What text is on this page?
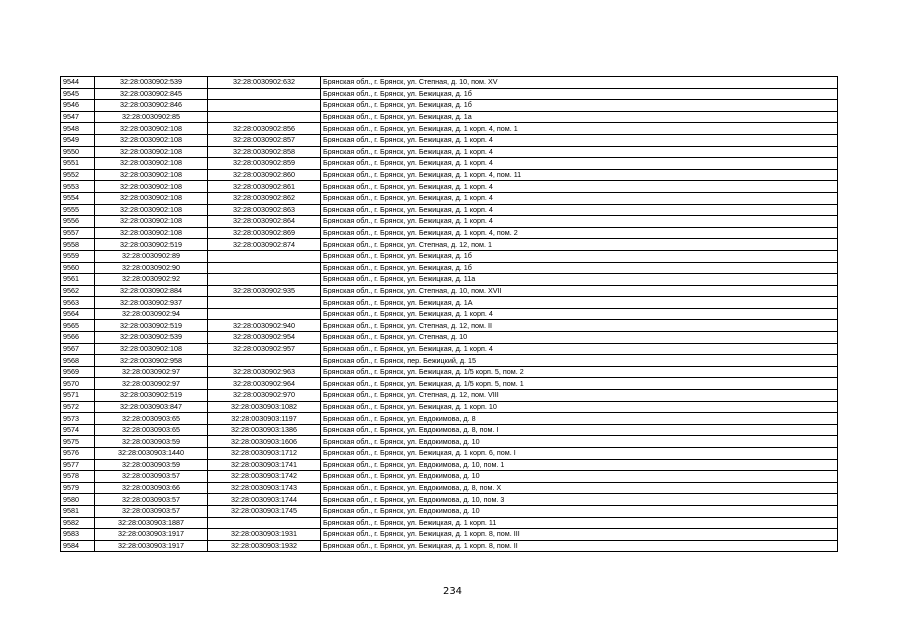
9544	32:28:0030902:539	32:28:0030902:632	Брянская обл., г. Брянск, ул. Степная, д. 10, пом. XV
9545	32:28:0030902:845		Брянская обл., г. Брянск, ул. Бежицкая, д. 1б
9546	32:28:0030902:846		Брянская обл., г. Брянск, ул. Бежицкая, д. 1б
9547	32:28:0030902:85		Брянская обл., г. Брянск, ул. Бежицкая, д. 1а
9548	32:28:0030902:108	32:28:0030902:856	Брянская обл., г. Брянск, ул. Бежицкая, д. 1 корп. 4, пом. 1
9549	32:28:0030902:108	32:28:0030902:857	Брянская обл., г. Брянск, ул. Бежицкая, д. 1 корп. 4
9550	32:28:0030902:108	32:28:0030902:858	Брянская обл., г. Брянск, ул. Бежицкая, д. 1 корп. 4
9551	32:28:0030902:108	32:28:0030902:859	Брянская обл., г. Брянск, ул. Бежицкая, д. 1 корп. 4
9552	32:28:0030902:108	32:28:0030902:860	Брянская обл., г. Брянск, ул. Бежицкая, д. 1 корп. 4, пом. 11
9553	32:28:0030902:108	32:28:0030902:861	Брянская обл., г. Брянск, ул. Бежицкая, д. 1 корп. 4
9554	32:28:0030902:108	32:28:0030902:862	Брянская обл., г. Брянск, ул. Бежицкая, д. 1 корп. 4
9555	32:28:0030902:108	32:28:0030902:863	Брянская обл., г. Брянск, ул. Бежицкая, д. 1 корп. 4
9556	32:28:0030902:108	32:28:0030902:864	Брянская обл., г. Брянск, ул. Бежицкая, д. 1 корп. 4
9557	32:28:0030902:108	32:28:0030902:869	Брянская обл., г. Брянск, ул. Бежицкая, д. 1 корп. 4, пом. 2
9558	32:28:0030902:519	32:28:0030902:874	Брянская обл., г. Брянск, ул. Степная, д. 12, пом. 1
9559	32:28:0030902:89		Брянская обл., г. Брянск, ул. Бежицкая, д. 1б
9560	32:28:0030902:90		Брянская обл., г. Брянск, ул. Бежицкая, д. 1б
9561	32:28:0030902:92		Брянская обл., г. Брянск, ул. Бежицкая, д. 11а
9562	32:28:0030902:884	32:28:0030902:935	Брянская обл., г. Брянск, ул. Степная, д. 10, пом. XVII
9563	32:28:0030902:937		Брянская обл., г. Брянск, ул. Бежицкая, д. 1А
9564	32:28:0030902:94		Брянская обл., г. Брянск, ул. Бежицкая, д. 1 корп. 4
9565	32:28:0030902:519	32:28:0030902:940	Брянская обл., г. Брянск, ул. Степная, д. 12, пом. II
9566	32:28:0030902:539	32:28:0030902:954	Брянская обл., г. Брянск, ул. Степная, д. 10
9567	32:28:0030902:108	32:28:0030902:957	Брянская обл., г. Брянск, ул. Бежицкая, д. 1 корп. 4
9568	32:28:0030902:958		Брянская обл., г. Брянск, пер. Бежицкий, д. 15
9569	32:28:0030902:97	32:28:0030902:963	Брянская обл., г. Брянск, ул. Бежицкая, д. 1/5 корп. 5, пом. 2
9570	32:28:0030902:97	32:28:0030902:964	Брянская обл., г. Брянск, ул. Бежицкая, д. 1/5 корп. 5, пом. 1
9571	32:28:0030902:519	32:28:0030902:970	Брянская обл., г. Брянск, ул. Степная, д. 12, пом. VIII
9572	32:28:0030903:847	32:28:0030903:1082	Брянская обл., г. Брянск, ул. Бежицкая, д. 1 корп. 10
9573	32:28:0030903:65	32:28:0030903:1197	Брянская обл., г. Брянск, ул. Евдокимова, д. 8
9574	32:28:0030903:65	32:28:0030903:1386	Брянская обл., г. Брянск, ул. Евдокимова, д. 8, пом. I
9575	32:28:0030903:59	32:28:0030903:1606	Брянская обл., г. Брянск, ул. Евдокимова, д. 10
9576	32:28:0030903:1440	32:28:0030903:1712	Брянская обл., г. Брянск, ул. Бежицкая, д. 1 корп. 6, пом. I
9577	32:28:0030903:59	32:28:0030903:1741	Брянская обл., г. Брянск, ул. Евдокимова, д. 10, пом. 1
9578	32:28:0030903:57	32:28:0030903:1742	Брянская обл., г. Брянск, ул. Евдокимова, д. 10
9579	32:28:0030903:66	32:28:0030903:1743	Брянская обл., г. Брянск, ул. Евдокимова, д. 8, пом. X
9580	32:28:0030903:57	32:28:0030903:1744	Брянская обл., г. Брянск, ул. Евдокимова, д. 10, пом. 3
9581	32:28:0030903:57	32:28:0030903:1745	Брянская обл., г. Брянск, ул. Евдокимова, д. 10
9582	32:28:0030903:1887		Брянская обл., г. Брянск, ул. Бежицкая, д. 1 корп. 11
9583	32:28:0030903:1917	32:28:0030903:1931	Брянская обл., г. Брянск, ул. Бежицкая, д. 1 корп. 8, пом. III
9584	32:28:0030903:1917	32:28:0030903:1932	Брянская обл., г. Брянск, ул. Бежицкая, д. 1 корп. 8, пом. II
234
